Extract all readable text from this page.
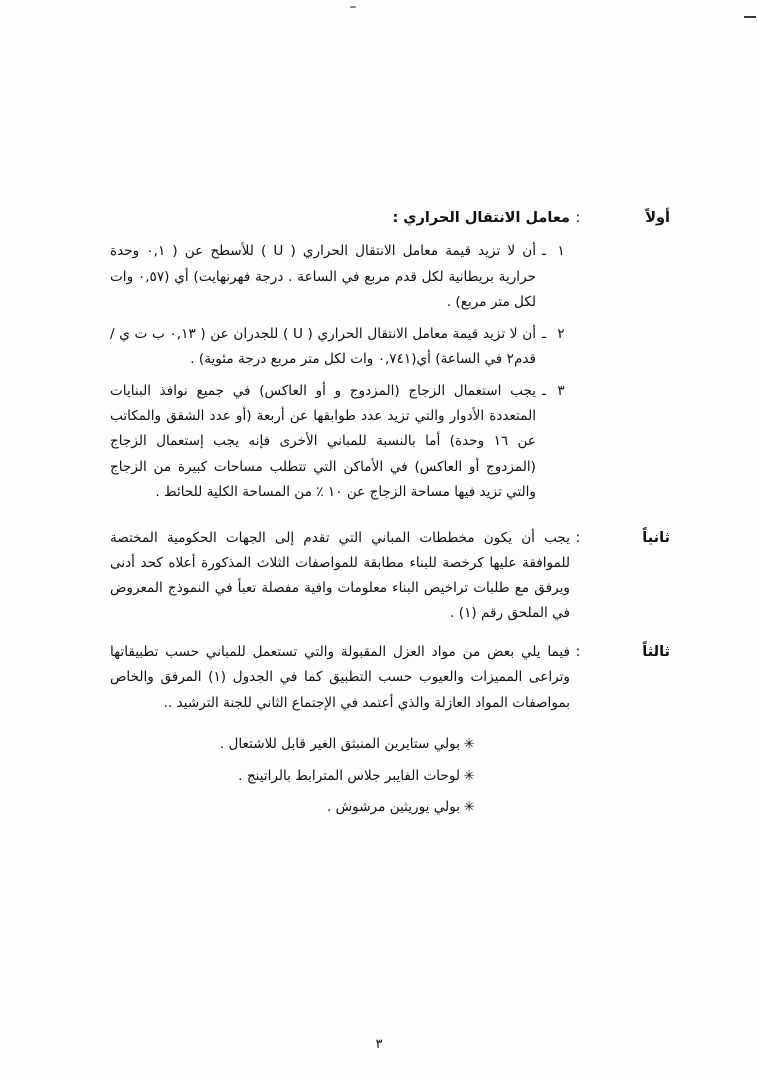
أولاً
:
معامل الانتقال الحراري :
١
ـ
أن لا تزيد قيمة معامل الانتقال الحراري ( U ) للأسطح عن ( ٠,١ وحدة حرارية بريطانية لكل قدم مربع في الساعة . درجة فهرنهايت) أي (٠,٥٧ وات لكل متر مربع) .
٢
ـ
أن لا تزيد قيمة معامل الانتقال الحراري ( U ) للجدران عن ( ٠,١٣ ب ت ي / قدم٢ في الساعة) أي(٠,٧٤١ وات لكل متر مربع درجة مئوية) .
٣
ـ
يجب استعمال الزجاج (المزدوج و أو العاكس) في جميع نوافذ البنايات المتعددة الأدوار والتي تزيد عدد طوابقها عن أربعة (أو عدد الشقق والمكاتب عن ١٦ وحدة) أما بالنسبة للمباني الأخرى فإنه يجب إستعمال الزجاج (المزدوج أو العاكس) في الأماكن التي تتطلب مساحات كبيرة من الزجاج والتي تزيد فيها مساحة الزجاج عن ١٠ ٪ من المساحة الكلية للحائط .
ثانياً
:
يجب أن يكون مخططات المباني التي تقدم إلى الجهات الحكومية المختصة للموافقة عليها كرخصة للبناء مطابقة للمواصفات الثلاث المذكورة أعلاه كحد أدنى ويرفق مع طلبات تراخيص البناء معلومات وافية مفصلة تعبأ في النموذج المعروض في الملحق رقم (١) .
ثالثاً
:
فيما يلي بعض من مواد العزل المقبولة والتي تستعمل للمباني حسب تطبيقاتها وتراعى المميزات والعيوب حسب التطبيق كما في الجدول (١) المرفق والخاص بمواصفات المواد العازلة والذي أعتمد في الإجتماع الثاني للجنة الترشيد ..
✳
بولي ستايرين المنبثق الغير قابل للاشتعال .
✳
لوحات الفايبر جلاس المترابط بالراتينج .
✳
بولي يوريثين مرشوش .
٣
